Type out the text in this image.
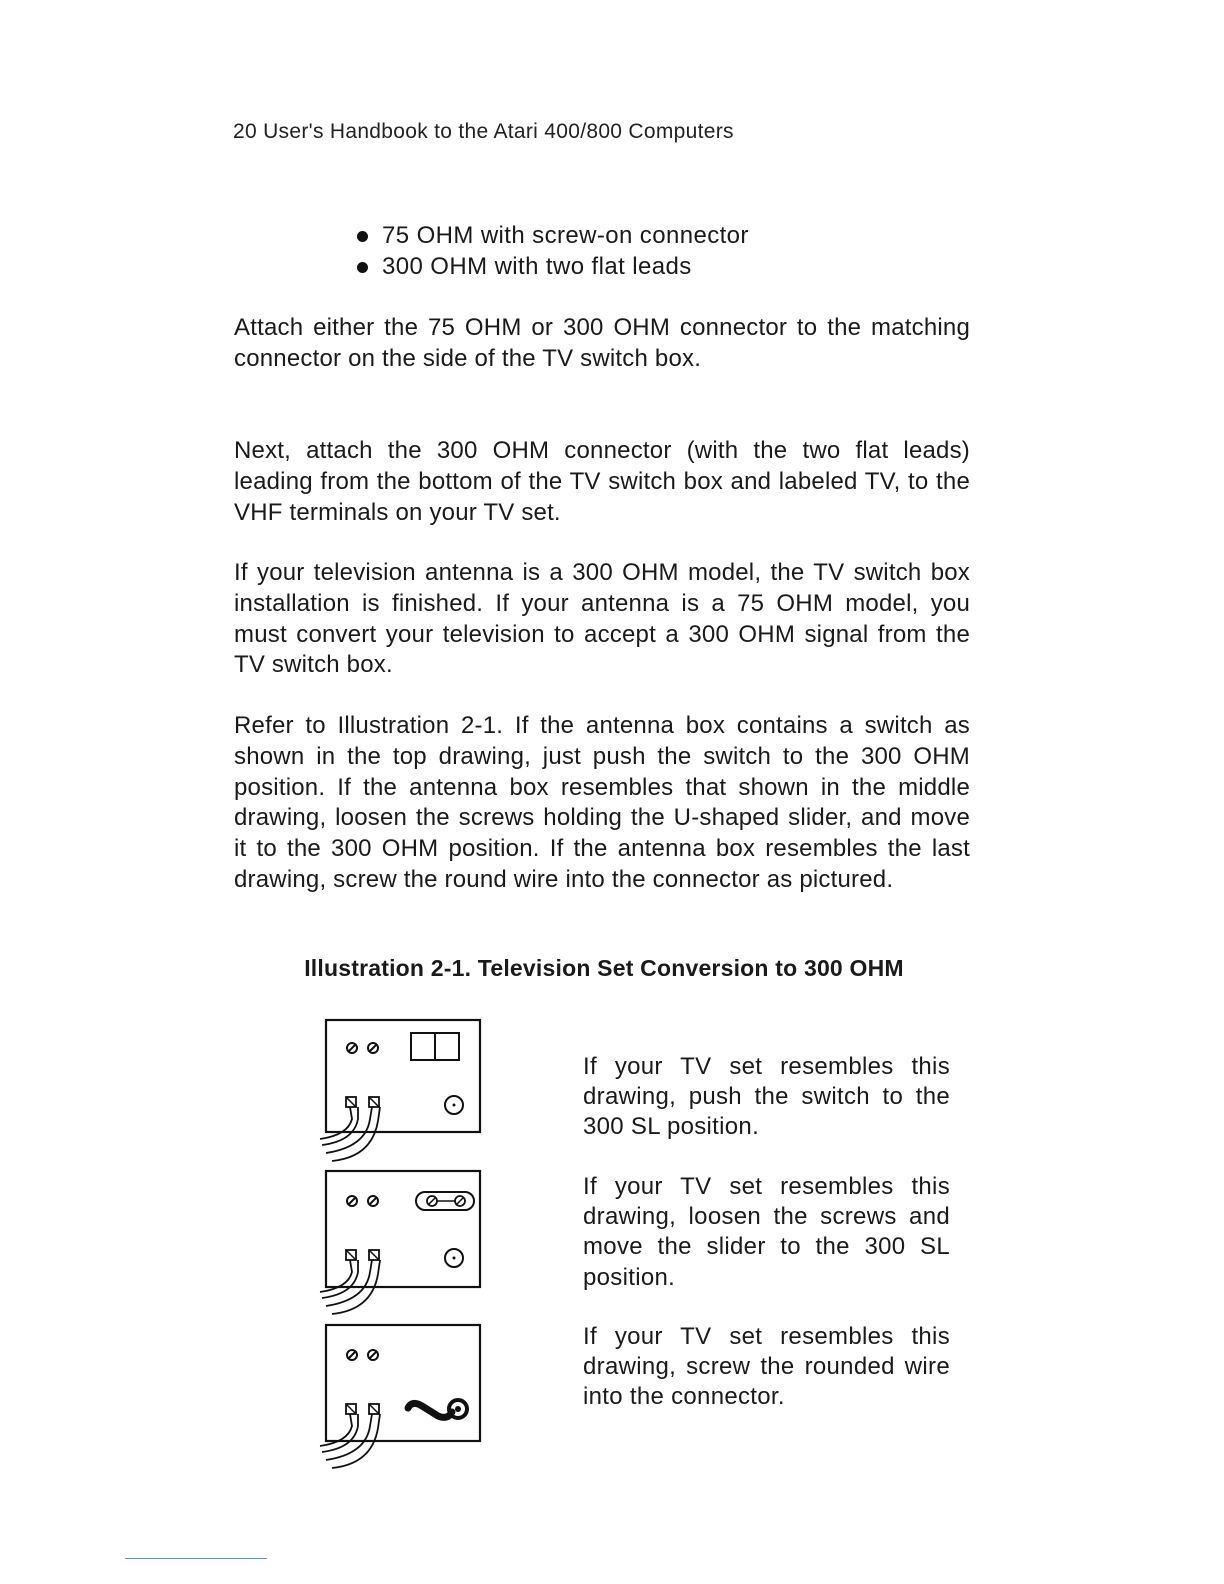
20 User's Handbook to the Atari 400/800 Computers
75 OHM with screw-on connector
300 OHM with two flat leads

Attach either the 75 OHM or 300 OHM connector to the matching connector on the side of the TV switch box.

Next, attach the 300 OHM connector (with the two flat leads) leading from the bottom of the TV switch box and labeled TV, to the VHF terminals on your TV set.

If your television antenna is a 300 OHM model, the TV switch box installation is finished. If your antenna is a 75 OHM model, you must convert your television to accept a 300 OHM signal from the TV switch box.

Refer to Illustration 2-1. If the antenna box contains a switch as shown in the top drawing, just push the switch to the 300 OHM position. If the antenna box resembles that shown in the middle drawing, loosen the screws holding the U-shaped slider, and move it to the 300 OHM position. If the antenna box resembles the last drawing, screw the round wire into the connector as pictured.

Illustration 2-1. Television Set Conversion to 300 OHM

If your TV set resembles this drawing, push the switch to the 300 SL position.

If your TV set resembles this drawing, loosen the screws and move the slider to the 300 SL position.

If your TV set resembles this drawing, screw the rounded wire into the connector.
